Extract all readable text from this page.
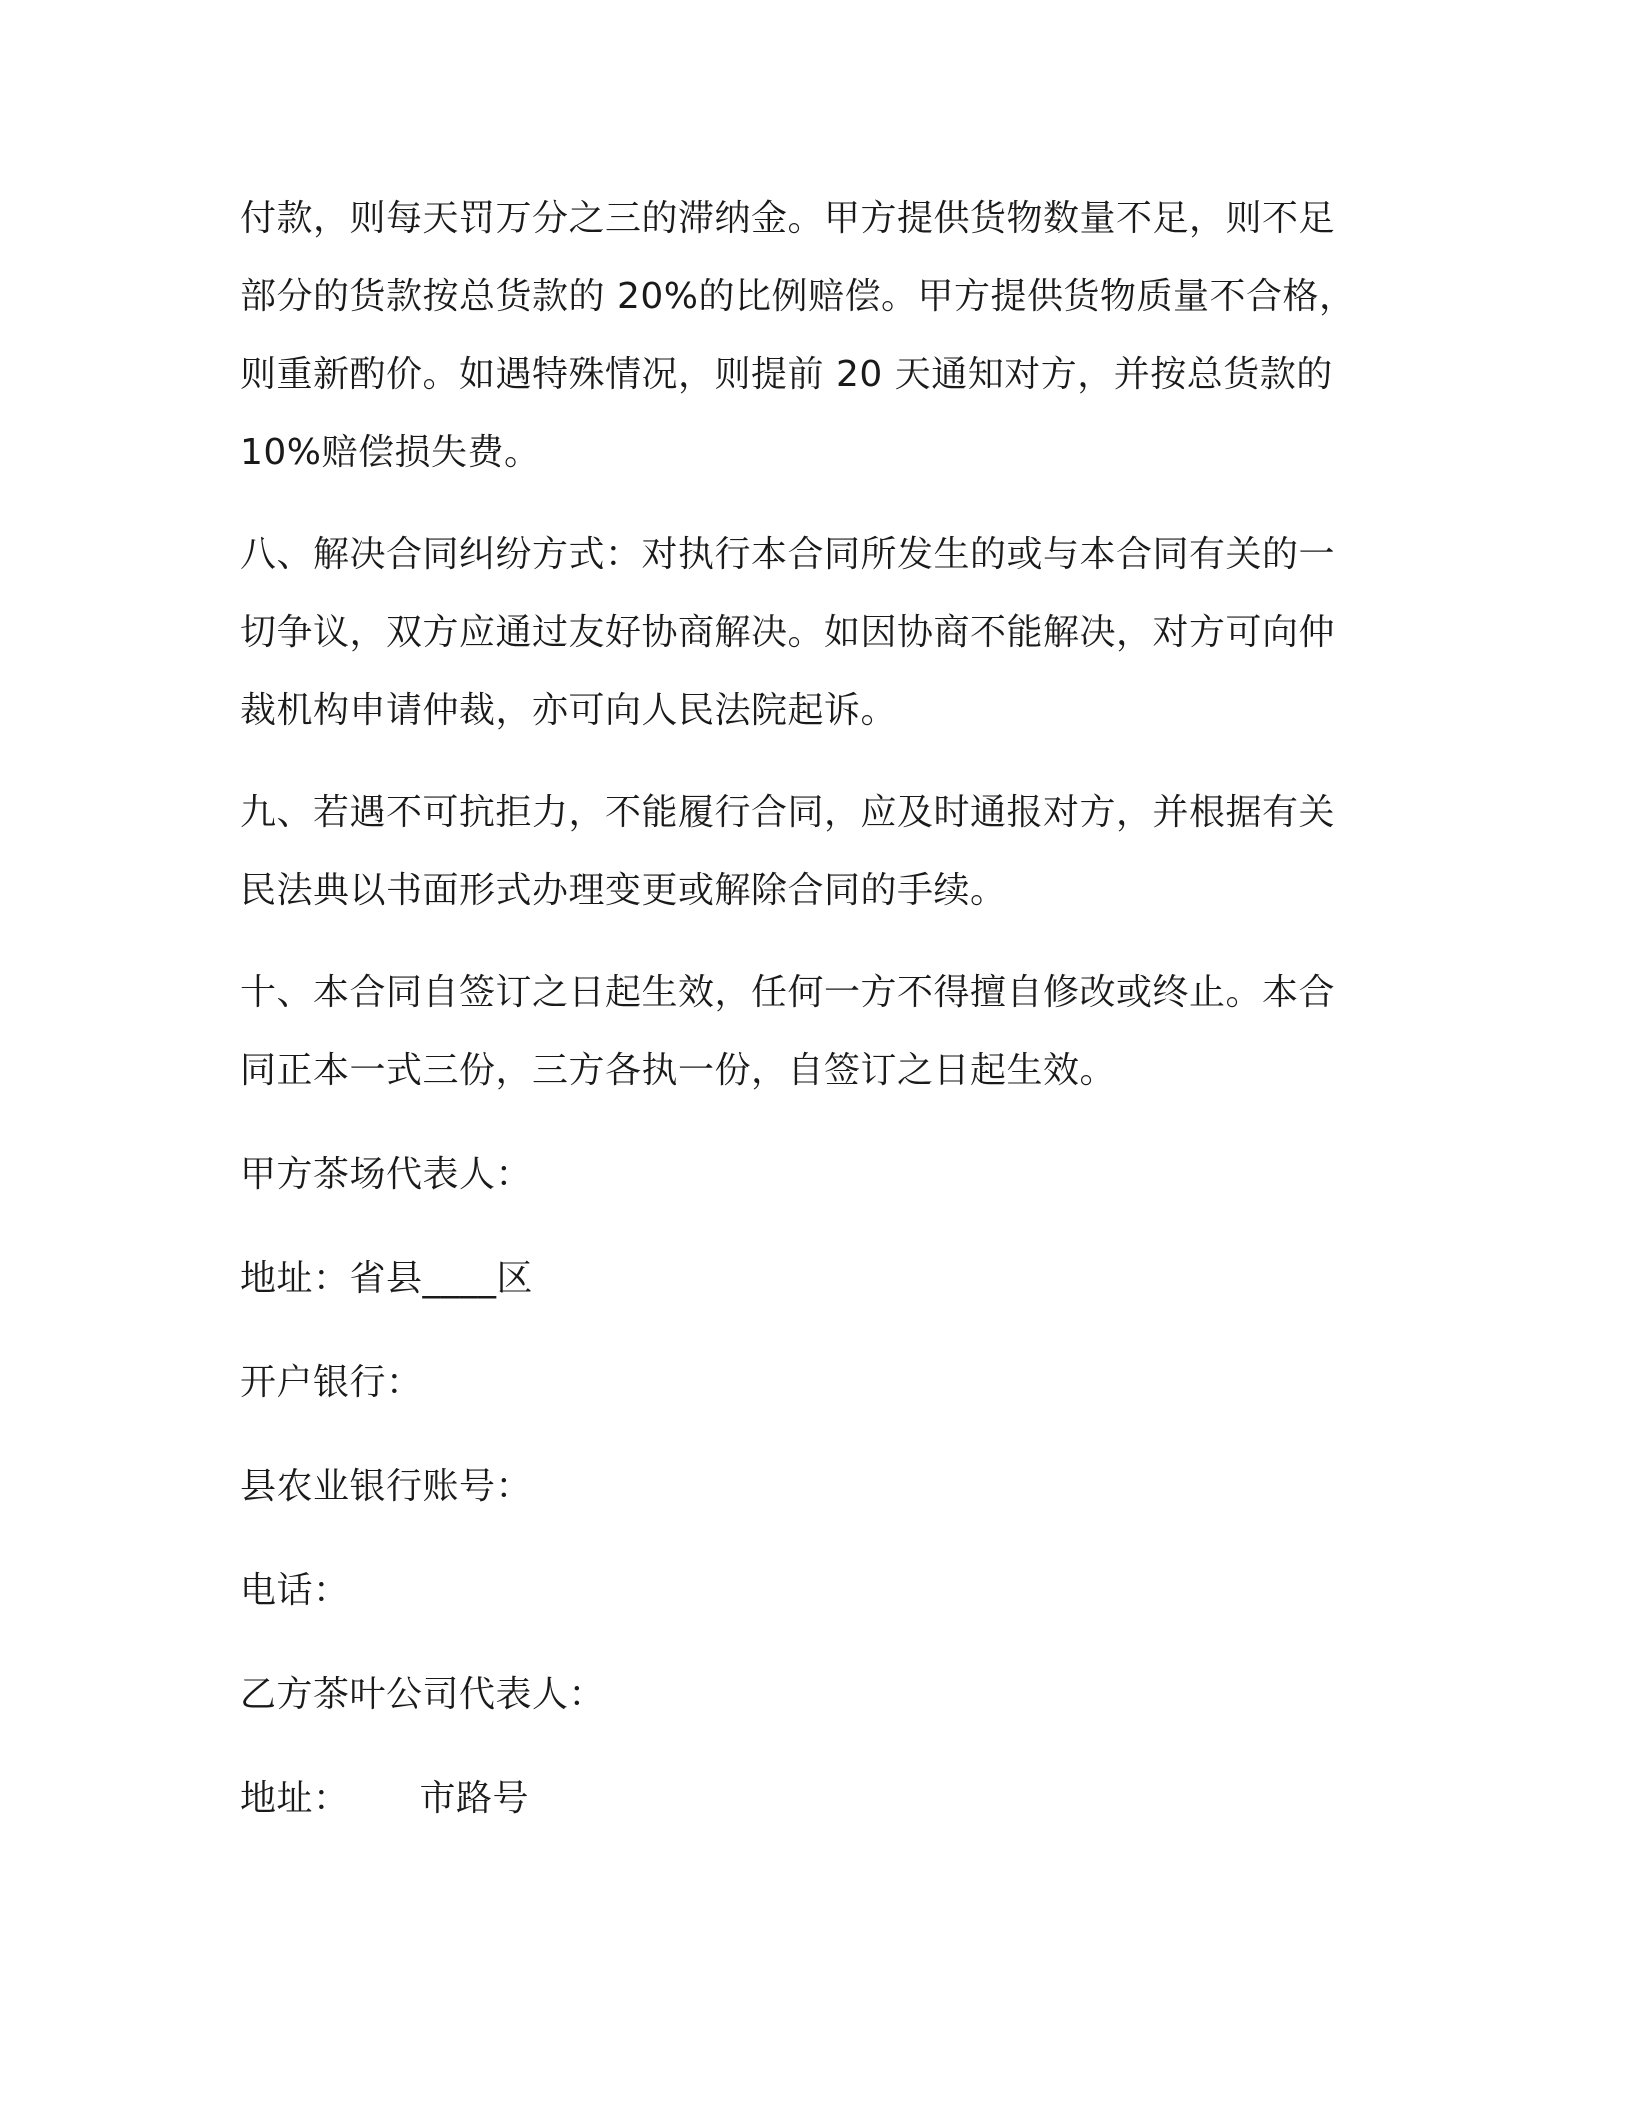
付款，则每天罚万分之三的滞纳金。甲方提供货物数量不足，则不足
部分的货款按总货款的 20%的比例赔偿。甲方提供货物质量不合格，
则重新酌价。如遇特殊情况，则提前 20 天通知对方，并按总货款的
10%赔偿损失费。
八、解决合同纠纷方式：对执行本合同所发生的或与本合同有关的一
切争议，双方应通过友好协商解决。如因协商不能解决，对方可向仲
裁机构申请仲裁，亦可向人民法院起诉。
九、若遇不可抗拒力，不能履行合同，应及时通报对方，并根据有关
民法典以书面形式办理变更或解除合同的手续。
十、本合同自签订之日起生效，任何一方不得擅自修改或终止。本合
同正本一式三份，三方各执一份，自签订之日起生效。
甲方茶场代表人：
地址：省县____区
开户银行：
县农业银行账号：
电话：
乙方茶叶公司代表人：
地址： 市路号
